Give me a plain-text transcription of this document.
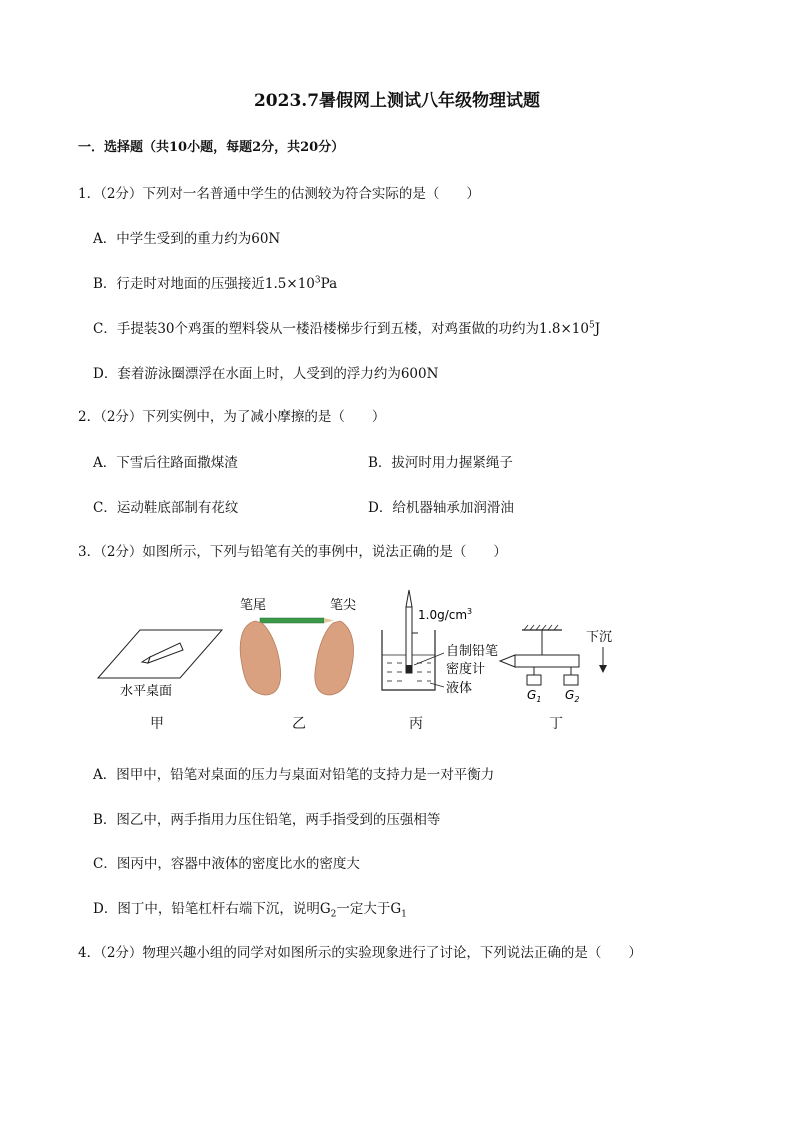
2023.7暑假网上测试八年级物理试题
一．选择题（共10小题，每题2分，共20分）
1．（2分）下列对一名普通中学生的估测较为符合实际的是（　　）
A．中学生受到的重力约为60N
B．行走时对地面的压强接近$1.5\times 10^3Pa$
C．手提装30个鸡蛋的塑料袋从一楼沿楼梯步行到五楼，对鸡蛋做的功约为$1.8\times 10^5J$
D．套着游泳圈漂浮在水面上时，人受到的浮力约为600N
2．（2分）下列实例中，为了减小摩擦的是（　　）
A．下雪后往路面撒煤渣	B．拔河时用力握紧绳子
C．运动鞋底部制有花纹	D．给机器轴承加润滑油
3．（2分）如图所示，下列与铅笔有关的事例中，说法正确的是（　　）
水平桌面
笔尾	笔尖
$1.0g/cm^3$
自制铅笔
密度计
液体	$G_1$ $G_2$
下沉
甲	乙	丙	丁
A．图甲中，铅笔对桌面的压力与桌面对铅笔的支持力是一对平衡力
B．图乙中，两手指用力压住铅笔，两手指受到的压强相等
C．图丙中，容器中液体的密度比水的密度大
D．图丁中，铅笔杠杆右端下沉，说明$G_2$一定大于$G_1$
4．（2分）物理兴趣小组的同学对如图所示的实验现象进行了讨论，下列说法正确的是（　　）
